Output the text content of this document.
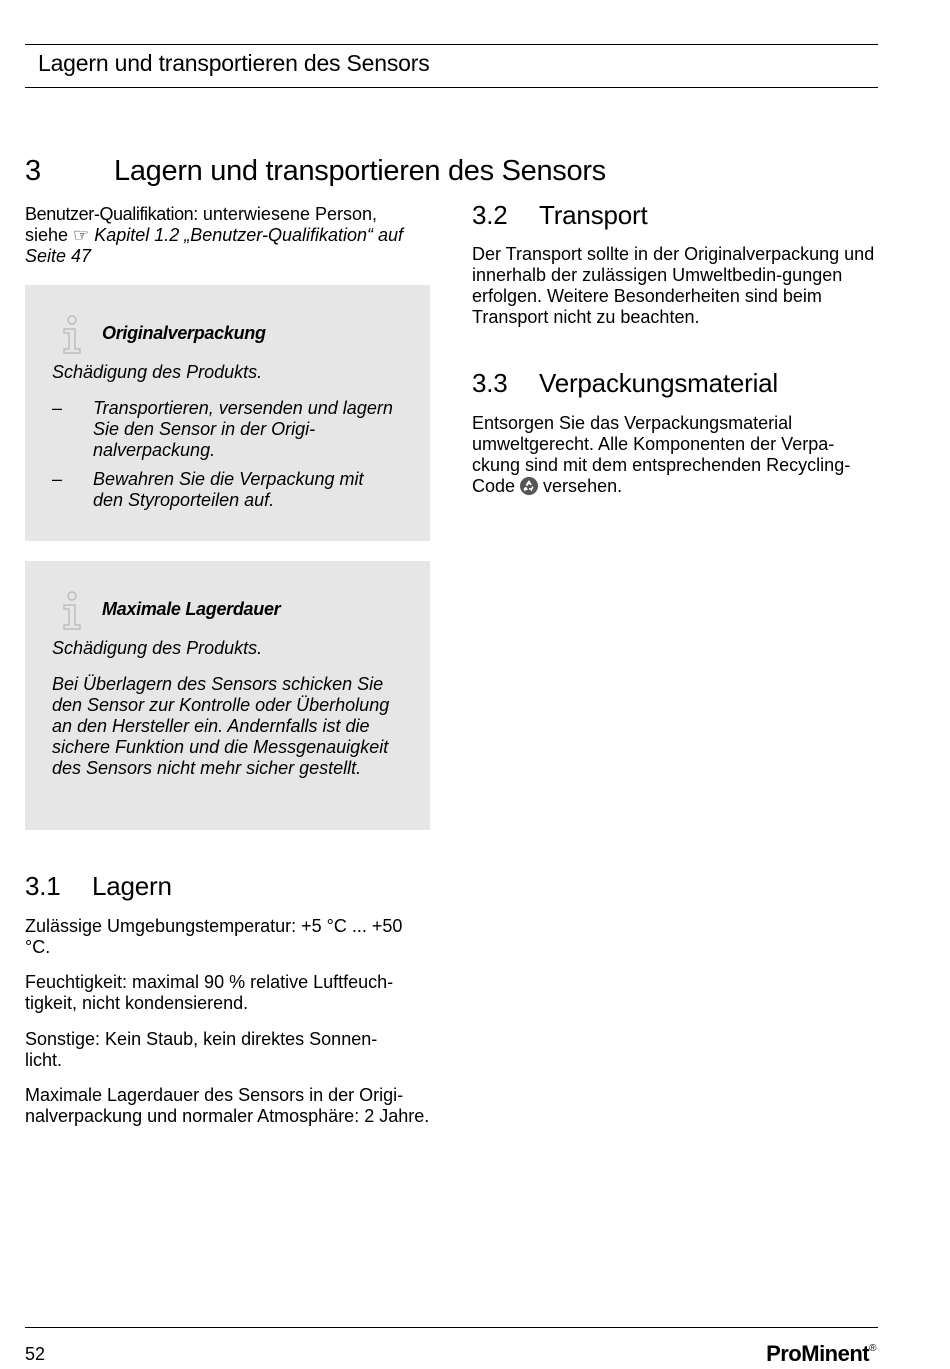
Lagern und transportieren des Sensors
3	Lagern und transportieren des Sensors
Benutzer-Qualifikation: unterwiesene Person, siehe ☞ Kapitel 1.2 „Benutzer-Qualifikation“ auf Seite 47
Originalverpackung
Schädigung des Produkts.
– Transportieren, versenden und lagern Sie den Sensor in der Origi-nalverpackung.
– Bewahren Sie die Verpackung mit den Styroporteilen auf.
Maximale Lagerdauer
Schädigung des Produkts.
Bei Überlagern des Sensors schicken Sie den Sensor zur Kontrolle oder Überholung an den Hersteller ein. Andernfalls ist die sichere Funktion und die Messgenauigkeit des Sensors nicht mehr sicher gestellt.
3.1 Lagern
Zulässige Umgebungstemperatur: +5 °C ... +50 °C.
Feuchtigkeit: maximal 90 % relative Luftfeuch-tigkeit, nicht kondensierend.
Sonstige: Kein Staub, kein direktes Sonnen-licht.
Maximale Lagerdauer des Sensors in der Origi-nalverpackung und normaler Atmosphäre: 2 Jahre.
3.2 Transport
Der Transport sollte in der Originalverpackung und innerhalb der zulässigen Umweltbedin-gungen erfolgen. Weitere Besonderheiten sind beim Transport nicht zu beachten.
3.3 Verpackungsmaterial
Entsorgen Sie das Verpackungsmaterial umweltgerecht. Alle Komponenten der Verpa-ckung sind mit dem entsprechenden Recycling-Code  versehen.
52	ProMinent®
